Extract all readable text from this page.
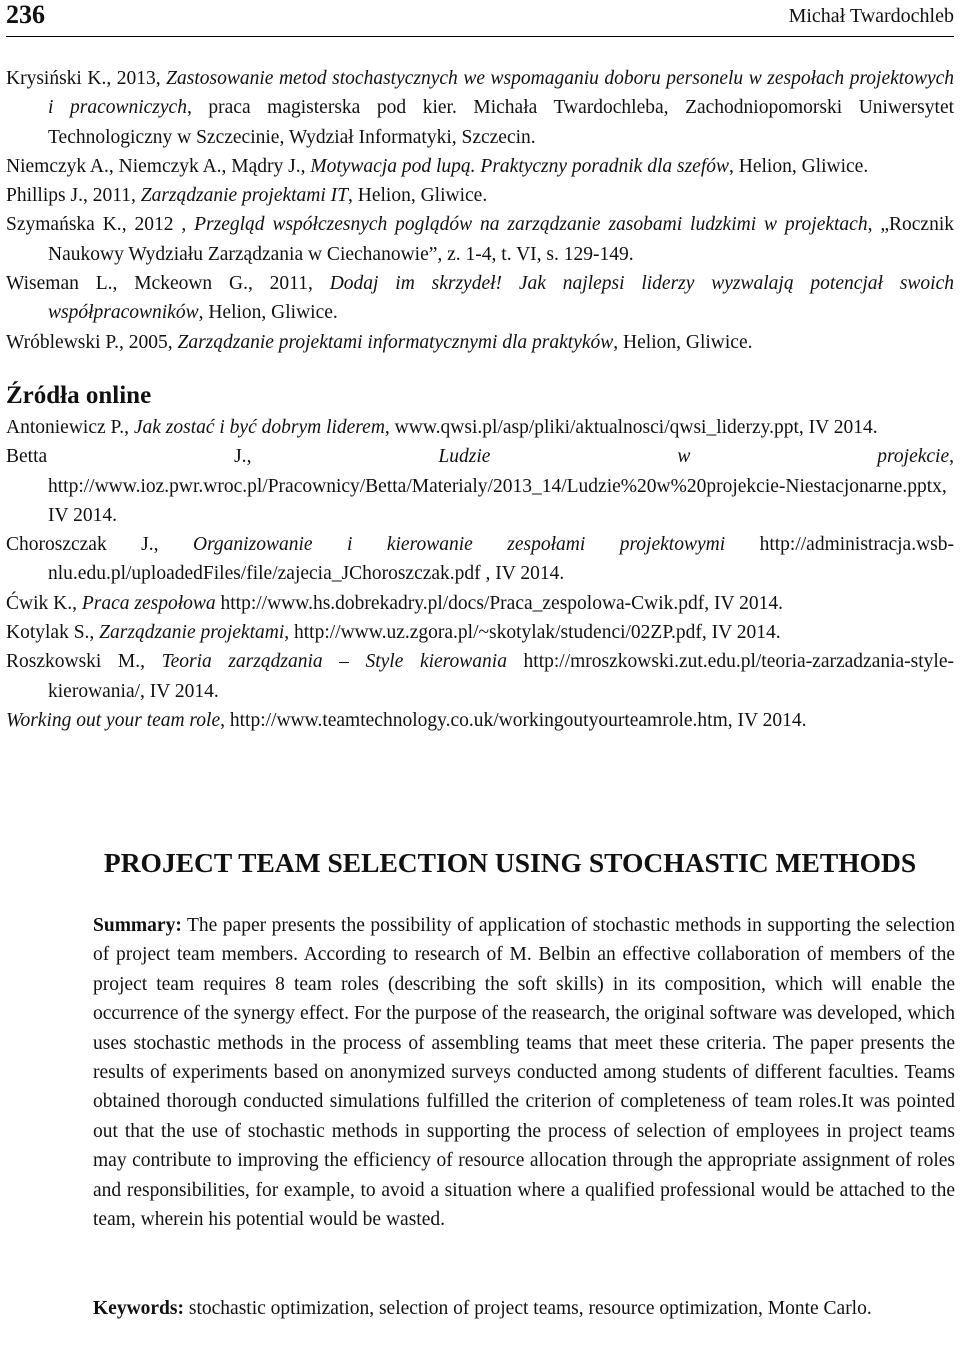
236	Michał Twardochleb

Krysiński K., 2013, Zastosowanie metod stochastycznych we wspomaganiu doboru personelu w zespołach projektowych i pracowniczych, praca magisterska pod kier. Michała Twardochleba, Zachodniopomorski Uniwersytet Technologiczny w Szczecinie, Wydział Informatyki, Szczecin.

Niemczyk A., Niemczyk A., Mądry J., Motywacja pod lupą. Praktyczny poradnik dla szefów, Helion, Gliwice.

Phillips J., 2011, Zarządzanie projektami IT, Helion, Gliwice.

Szymańska K., 2012 , Przegląd współczesnych poglądów na zarządzanie zasobami ludzkimi w projektach, „Rocznik Naukowy Wydziału Zarządzania w Ciechanowie”, z. 1-4, t. VI, s. 129-149.

Wiseman L., Mckeown G., 2011, Dodaj im skrzydeł! Jak najlepsi liderzy wyzwalają potencjał swoich współpracowników, Helion, Gliwice.

Wróblewski P., 2005, Zarządzanie projektami informatycznymi dla praktyków, Helion, Gliwice.

Źródła online

Antoniewicz P., Jak zostać i być dobrym liderem, www.qwsi.pl/asp/pliki/aktualnosci/qwsi_liderzy.ppt, IV 2014.

Betta J., Ludzie w projekcie, http://www.ioz.pwr.wroc.pl/Pracownicy/Betta/Materialy/2013_14/Ludzie%20w%20projekcie-Niestacjonarne.pptx, IV 2014.

Choroszczak J., Organizowanie i kierowanie zespołami projektowymi http://administracja.wsb-nlu.edu.pl/uploadedFiles/file/zajecia_JChoroszczak.pdf , IV 2014.

Ćwik K., Praca zespołowa http://www.hs.dobrekadry.pl/docs/Praca_zespolowa-Cwik.pdf, IV 2014.

Kotylak S., Zarządzanie projektami, http://www.uz.zgora.pl/~skotylak/studenci/02ZP.pdf, IV 2014.

Roszkowski M., Teoria zarządzania – Style kierowania http://mroszkowski.zut.edu.pl/teoria-zarzadzania-style-kierowania/, IV 2014.

Working out your team role, http://www.teamtechnology.co.uk/workingoutyourteamrole.htm, IV 2014.

PROJECT TEAM SELECTION USING STOCHASTIC METHODS

Summary: The paper presents the possibility of application of stochastic methods in supporting the selection of project team members. According to research of M. Belbin an effective collaboration of members of the project team requires 8 team roles (describing the soft skills) in its composition, which will enable the occurrence of the synergy effect. For the purpose of the reasearch, the original software was developed, which uses stochastic methods in the process of assembling teams that meet these criteria. The paper presents the results of experiments based on anonymized surveys conducted among students of different faculties. Teams obtained thorough conducted simulations fulfilled the criterion of completeness of team roles.It was pointed out that the use of stochastic methods in supporting the process of selection of employees in project teams may contribute to improving the efficiency of resource allocation through the appropriate assignment of roles and responsibilities, for example, to avoid a situation where a qualified professional would be attached to the team, wherein his potential would be wasted.

Keywords: stochastic optimization, selection of project teams, resource optimization, Monte Carlo.
